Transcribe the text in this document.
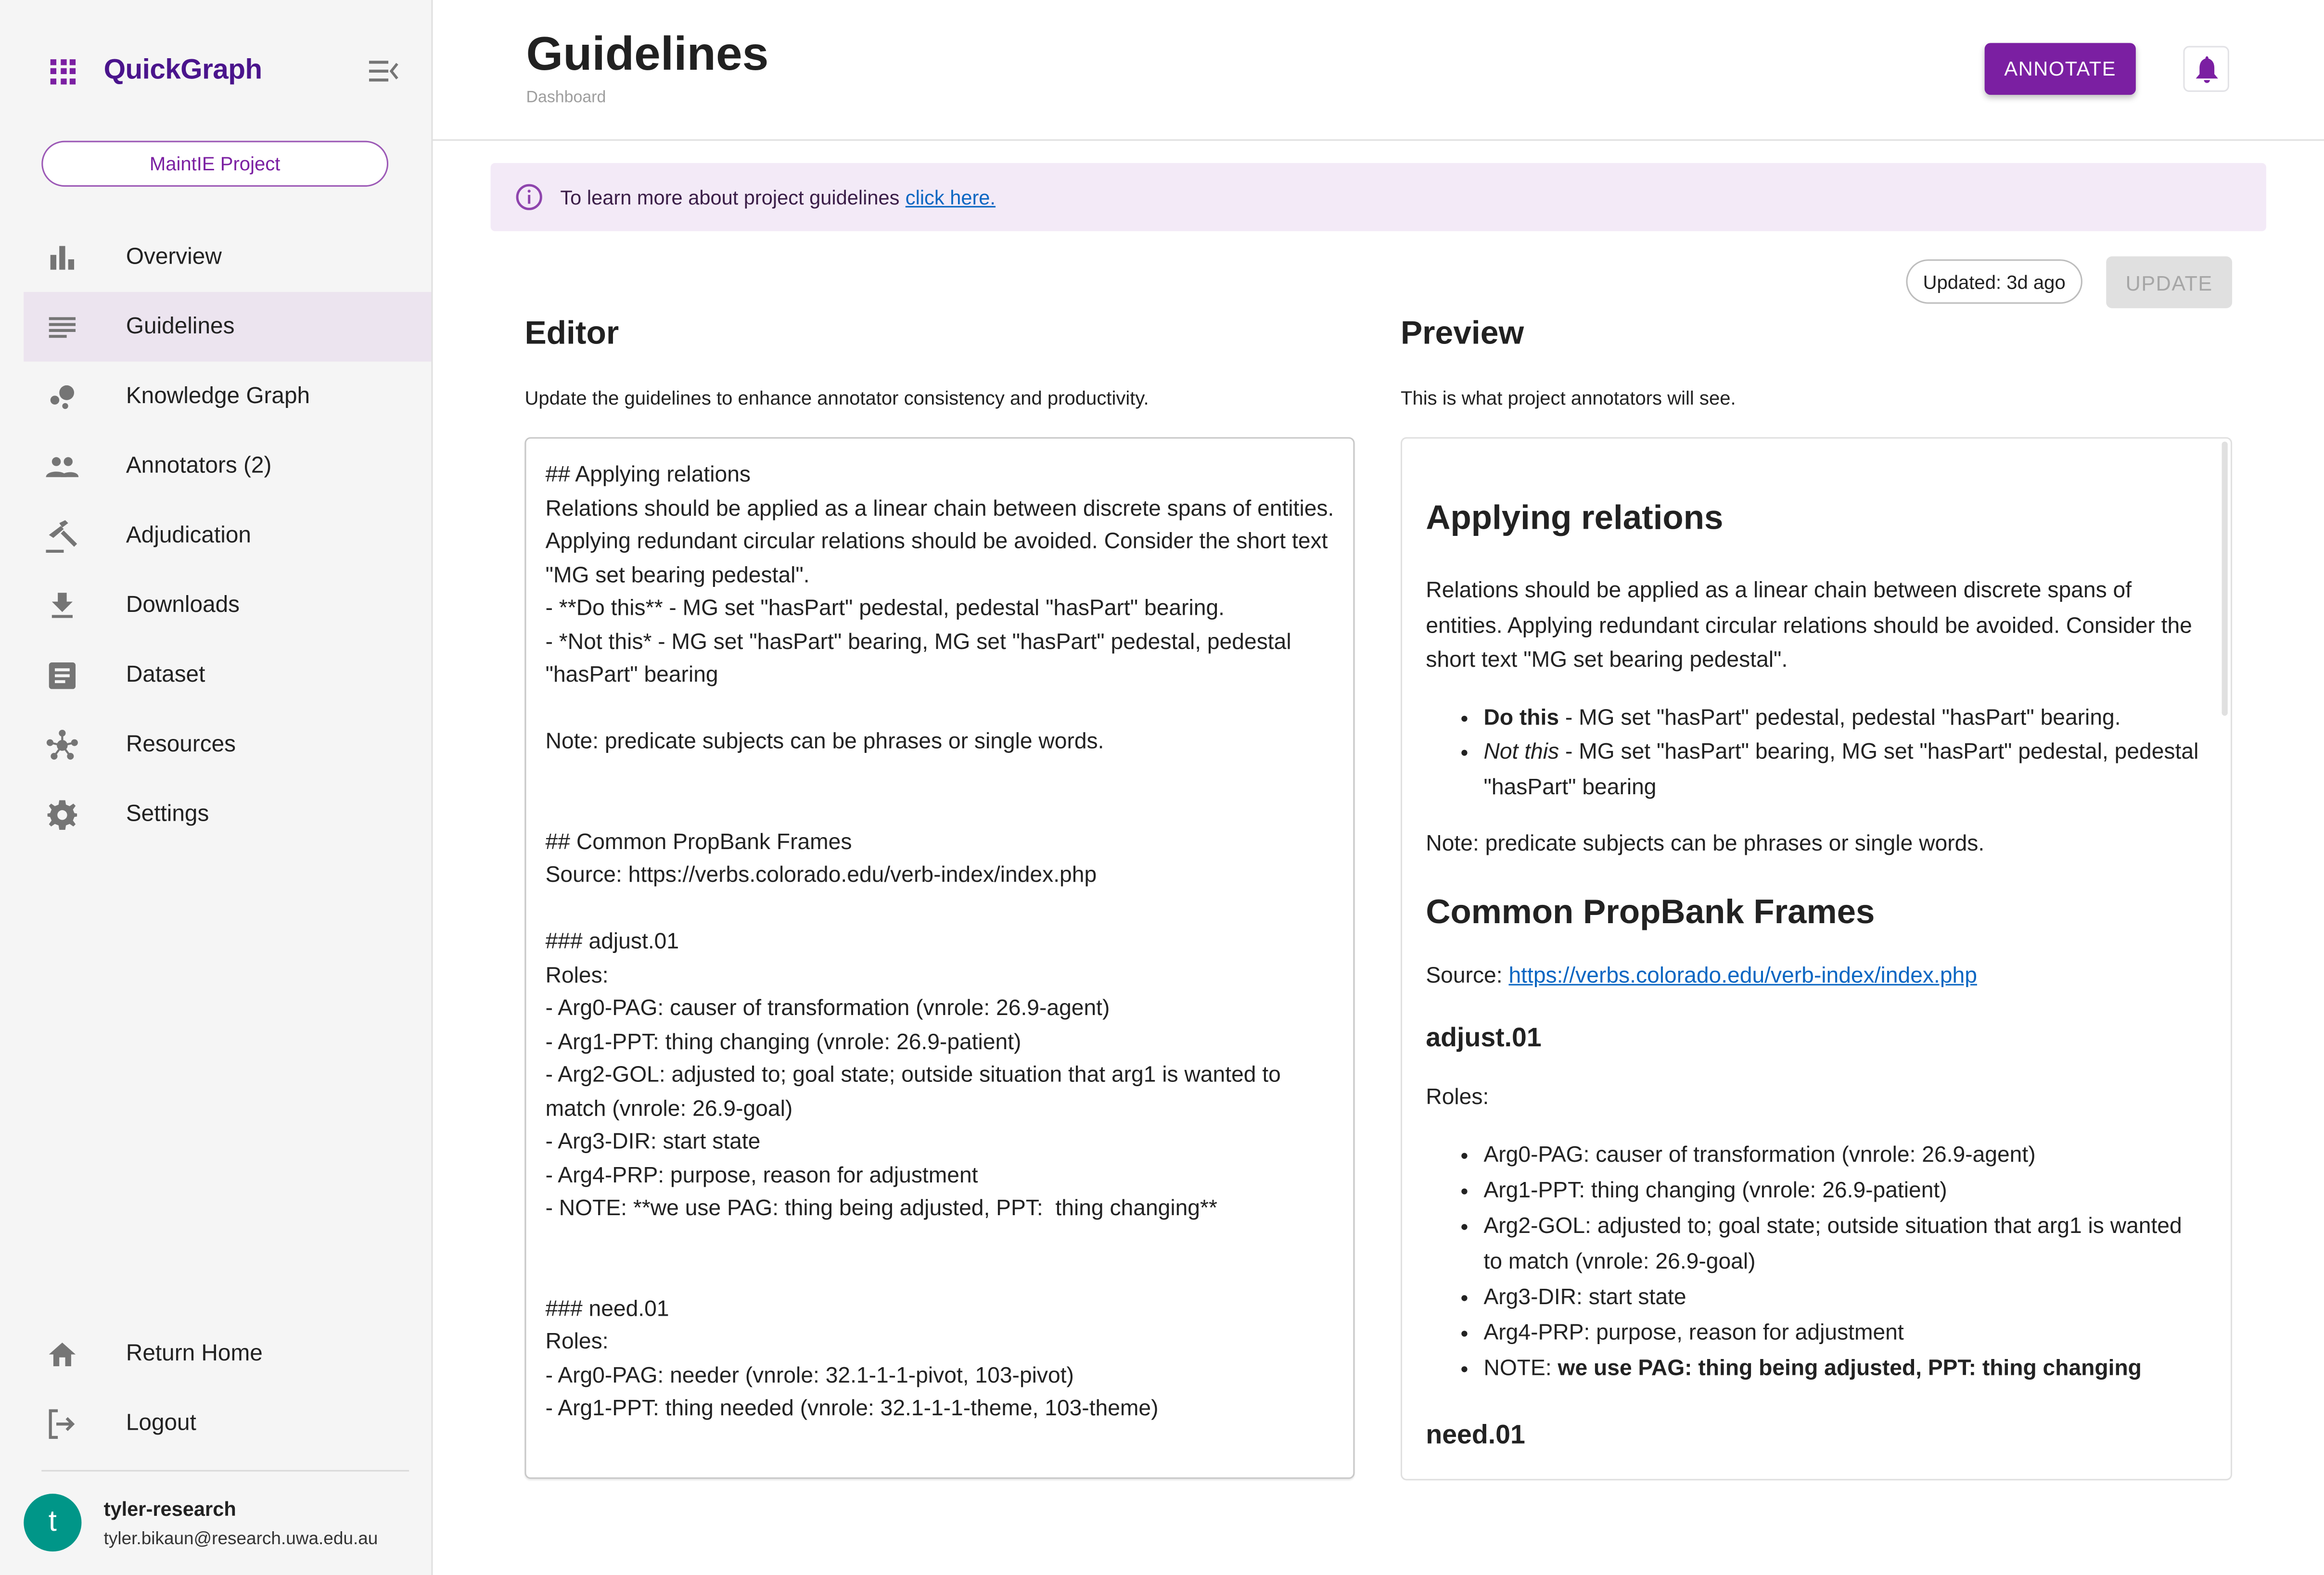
QuickGraph
MaintIE Project
Overview
Guidelines
Knowledge Graph
Annotators (2)
Adjudication
Downloads
Dataset
Resources
Settings
Return Home
Logout
t	tyler-research
tyler.bikaun@research.uwa.edu.au
Guidelines
Dashboard
ANNOTATE
To learn more about project guidelines click here.
Updated: 3d ago	UPDATE
Editor
Update the guidelines to enhance annotator consistency and productivity.
## Applying relations
Relations should be applied as a linear chain between discrete spans of entities. Applying redundant circular relations should be avoided. Consider the short text "MG set bearing pedestal".
- **Do this** - MG set "hasPart" pedestal, pedestal "hasPart" bearing.
- *Not this* - MG set "hasPart" bearing, MG set "hasPart" pedestal, pedestal "hasPart" bearing

Note: predicate subjects can be phrases or single words.

## Common PropBank Frames
Source: https://verbs.colorado.edu/verb-index/index.php

### adjust.01
Roles:
- Arg0-PAG: causer of transformation (vnrole: 26.9-agent)
- Arg1-PPT: thing changing (vnrole: 26.9-patient)
- Arg2-GOL: adjusted to; goal state; outside situation that arg1 is wanted to match (vnrole: 26.9-goal)
- Arg3-DIR: start state
- Arg4-PRP: purpose, reason for adjustment
- NOTE: **we use PAG: thing being adjusted, PPT:  thing changing**

### need.01
Roles:
- Arg0-PAG: needer (vnrole: 32.1-1-1-pivot, 103-pivot)
- Arg1-PPT: thing needed (vnrole: 32.1-1-1-theme, 103-theme)
Preview
This is what project annotators will see.
Applying relations

Relations should be applied as a linear chain between discrete spans of entities. Applying redundant circular relations should be avoided. Consider the short text "MG set bearing pedestal".

• Do this - MG set "hasPart" pedestal, pedestal "hasPart" bearing.
• Not this - MG set "hasPart" bearing, MG set "hasPart" pedestal, pedestal "hasPart" bearing

Note: predicate subjects can be phrases or single words.

Common PropBank Frames

Source: https://verbs.colorado.edu/verb-index/index.php

adjust.01

Roles:

• Arg0-PAG: causer of transformation (vnrole: 26.9-agent)
• Arg1-PPT: thing changing (vnrole: 26.9-patient)
• Arg2-GOL: adjusted to; goal state; outside situation that arg1 is wanted to match (vnrole: 26.9-goal)
• Arg3-DIR: start state
• Arg4-PRP: purpose, reason for adjustment
• NOTE: we use PAG: thing being adjusted, PPT: thing changing
need.01
